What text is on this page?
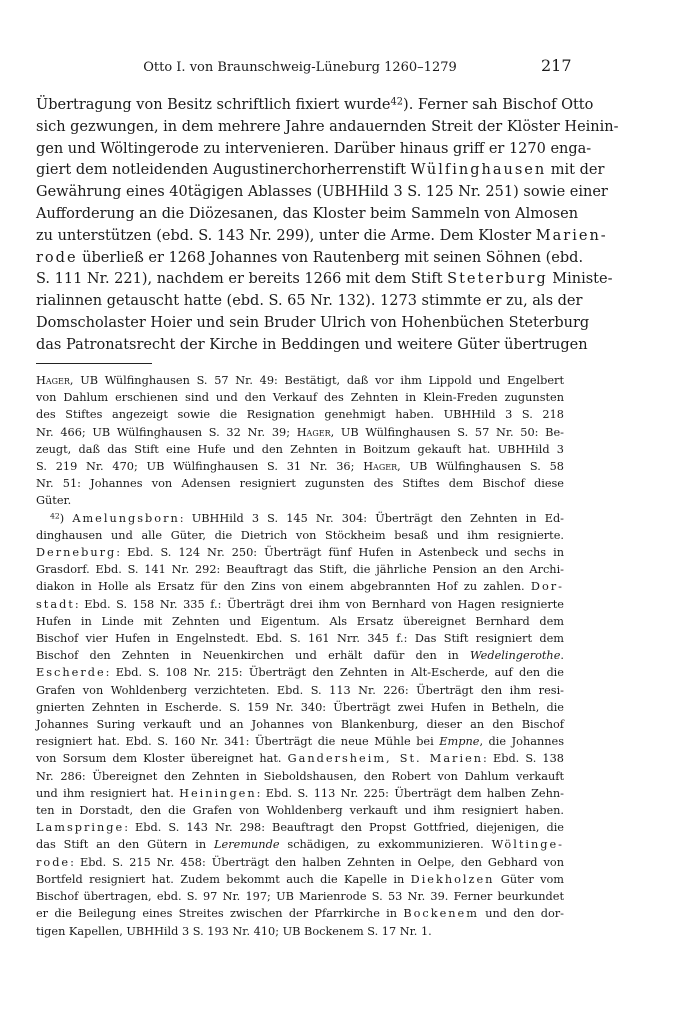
Otto I. von Braunschweig-Lüneburg 1260–1279	217
Übertragung von Besitz schriftlich fixiert wurde$^{42}$). Ferner sah Bischof Otto
sich gezwungen, in dem mehrere Jahre andauernden Streit der Klöster Heinin-
gen und Wöltingerode zu intervenieren. Darüber hinaus griff er 1270 enga-
giert dem notleidenden Augustinerchorherrenstift Wülfinghausen mit der
Gewährung eines 40tägigen Ablasses (UBHHild 3 S. 125 Nr. 251) sowie einer
Aufforderung an die Diözesanen, das Kloster beim Sammeln von Almosen
zu unterstützen (ebd. S. 143 Nr. 299), unter die Arme. Dem Kloster Marien-
rode überließ er 1268 Johannes von Rautenberg mit seinen Söhnen (ebd.
S. 111 Nr. 221), nachdem er bereits 1266 mit dem Stift Steterburg Ministe-
rialinnen getauscht hatte (ebd. S. 65 Nr. 132). 1273 stimmte er zu, als der
Domscholaster Hoier und sein Bruder Ulrich von Hohenbüchen Steterburg
das Patronatsrecht der Kirche in Beddingen und weitere Güter übertrugen
Hager, UB Wülfinghausen S. 57 Nr. 49: Bestätigt, daß vor ihm Lippold und Engelbert
von Dahlum erschienen sind und den Verkauf des Zehnten in Klein-Freden zugunsten
des Stiftes angezeigt sowie die Resignation genehmigt haben. UBHHild 3 S. 218
Nr. 466; UB Wülfinghausen S. 32 Nr. 39; Hager, UB Wülfinghausen S. 57 Nr. 50: Be-
zeugt, daß das Stift eine Hufe und den Zehnten in Boitzum gekauft hat. UBHHild 3
S. 219 Nr. 470; UB Wülfinghausen S. 31 Nr. 36; Hager, UB Wülfinghausen S. 58
Nr. 51: Johannes von Adensen resigniert zugunsten des Stiftes dem Bischof diese
Güter.
$^{42}$) Amelungsborn: UBHHild 3 S. 145 Nr. 304: Überträgt den Zehnten in Ed-
dinghausen und alle Güter, die Dietrich von Stöckheim besaß und ihm resignierte.
Derneburg: Ebd. S. 124 Nr. 250: Überträgt fünf Hufen in Astenbeck und sechs in
Grasdorf. Ebd. S. 141 Nr. 292: Beauftragt das Stift, die jährliche Pension an den Archi-
diakon in Holle als Ersatz für den Zins von einem abgebrannten Hof zu zahlen. Dor-
stadt: Ebd. S. 158 Nr. 335 f.: Überträgt drei ihm von Bernhard von Hagen resignierte
Hufen in Linde mit Zehnten und Eigentum. Als Ersatz übereignet Bernhard dem
Bischof vier Hufen in Engelnstedt. Ebd. S. 161 Nrr. 345 f.: Das Stift resigniert dem
Bischof den Zehnten in Neuenkirchen und erhält dafür den in Wedelingerothe.
Escherde: Ebd. S. 108 Nr. 215: Überträgt den Zehnten in Alt-Escherde, auf den die
Grafen von Wohldenberg verzichteten. Ebd. S. 113 Nr. 226: Überträgt den ihm resi-
gnierten Zehnten in Escherde. S. 159 Nr. 340: Überträgt zwei Hufen in Betheln, die
Johannes Suring verkauft und an Johannes von Blankenburg, dieser an den Bischof
resigniert hat. Ebd. S. 160 Nr. 341: Überträgt die neue Mühle bei Empne, die Johannes
von Sorsum dem Kloster übereignet hat. Gandersheim, St. Marien: Ebd. S. 138
Nr. 286: Übereignet den Zehnten in Sieboldshausen, den Robert von Dahlum verkauft
und ihm resigniert hat. Heiningen: Ebd. S. 113 Nr. 225: Überträgt dem halben Zehn-
ten in Dorstadt, den die Grafen von Wohldenberg verkauft und ihm resigniert haben.
Lamspringe: Ebd. S. 143 Nr. 298: Beauftragt den Propst Gottfried, diejenigen, die
das Stift an den Gütern in Leremunde schädigen, zu exkommunizieren. Wöltinge-
rode: Ebd. S. 215 Nr. 458: Überträgt den halben Zehnten in Oelpe, den Gebhard von
Bortfeld resigniert hat. Zudem bekommt auch die Kapelle in Diekholzen Güter vom
Bischof übertragen, ebd. S. 97 Nr. 197; UB Marienrode S. 53 Nr. 39. Ferner beurkundet
er die Beilegung eines Streites zwischen der Pfarrkirche in Bockenem und den dor-
tigen Kapellen, UBHHild 3 S. 193 Nr. 410; UB Bockenem S. 17 Nr. 1.
